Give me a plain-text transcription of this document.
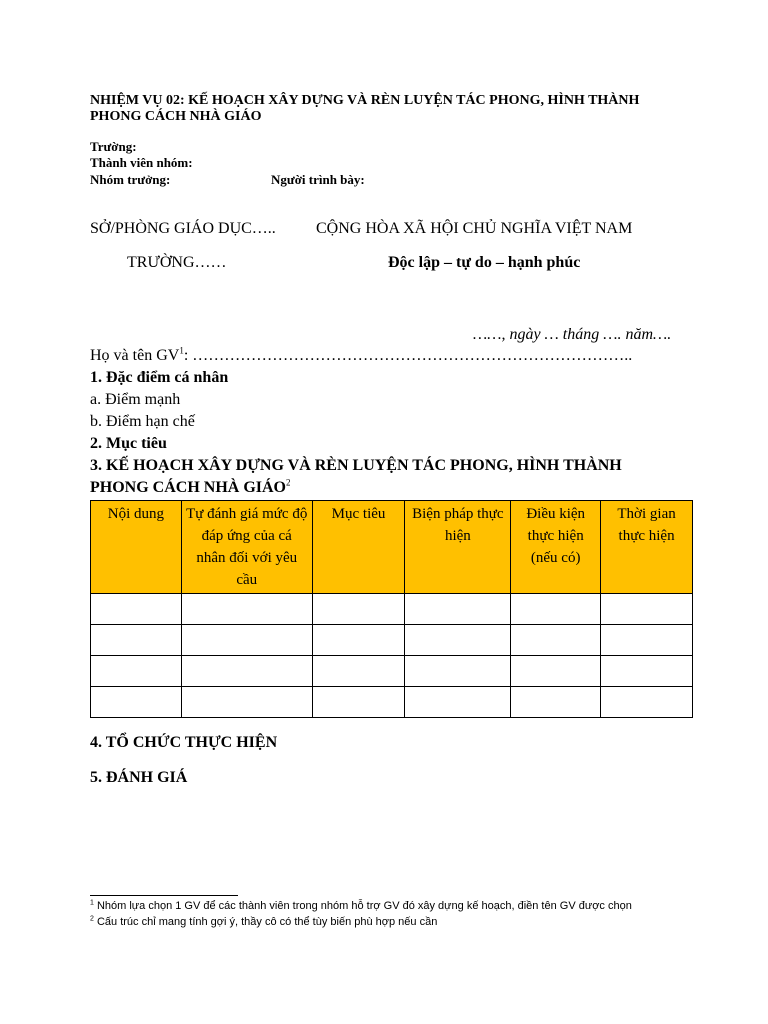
NHIỆM VỤ 02: KẾ HOẠCH XÂY DỰNG VÀ RÈN LUYỆN TÁC PHONG, HÌNH THÀNH
PHONG CÁCH NHÀ GIÁO
Trường:
Thành viên nhóm:
Nhóm trưởng:	Người trình bày:
SỞ/PHÒNG GIÁO DỤC…..	CỘNG HÒA XÃ HỘI CHỦ NGHĨA VIỆT NAM
TRƯỜNG……	Độc lập – tự do – hạnh phúc
……, ngày … tháng …. năm….
Họ và tên $GV^1$: ………………………………………………………………………..
1. Đặc điểm cá nhân
a. Điểm mạnh
b. Điểm hạn chế
2. Mục tiêu
3. KẾ HOẠCH XÂY DỰNG VÀ RÈN LUYỆN TÁC PHONG, HÌNH THÀNH
PHONG CÁCH NHÀ GIÁO$^2$
Nội dung	Tự đánh giá mức độ đáp ứng của cá nhân đối với yêu cầu	Mục tiêu	Biện pháp thực hiện	Điều kiện thực hiện (nếu có)	Thời gian thực hiện

4. TỔ CHỨC THỰC HIỆN
5. ĐÁNH GIÁ
$^1$ Nhóm lựa chọn 1 GV để các thành viên trong nhóm hỗ trợ GV đó xây dựng kế hoạch, điền tên GV được chọn
$^2$ Cấu trúc chỉ mang tính gợi ý, thầy cô có thể tùy biến phù hợp nếu cần
